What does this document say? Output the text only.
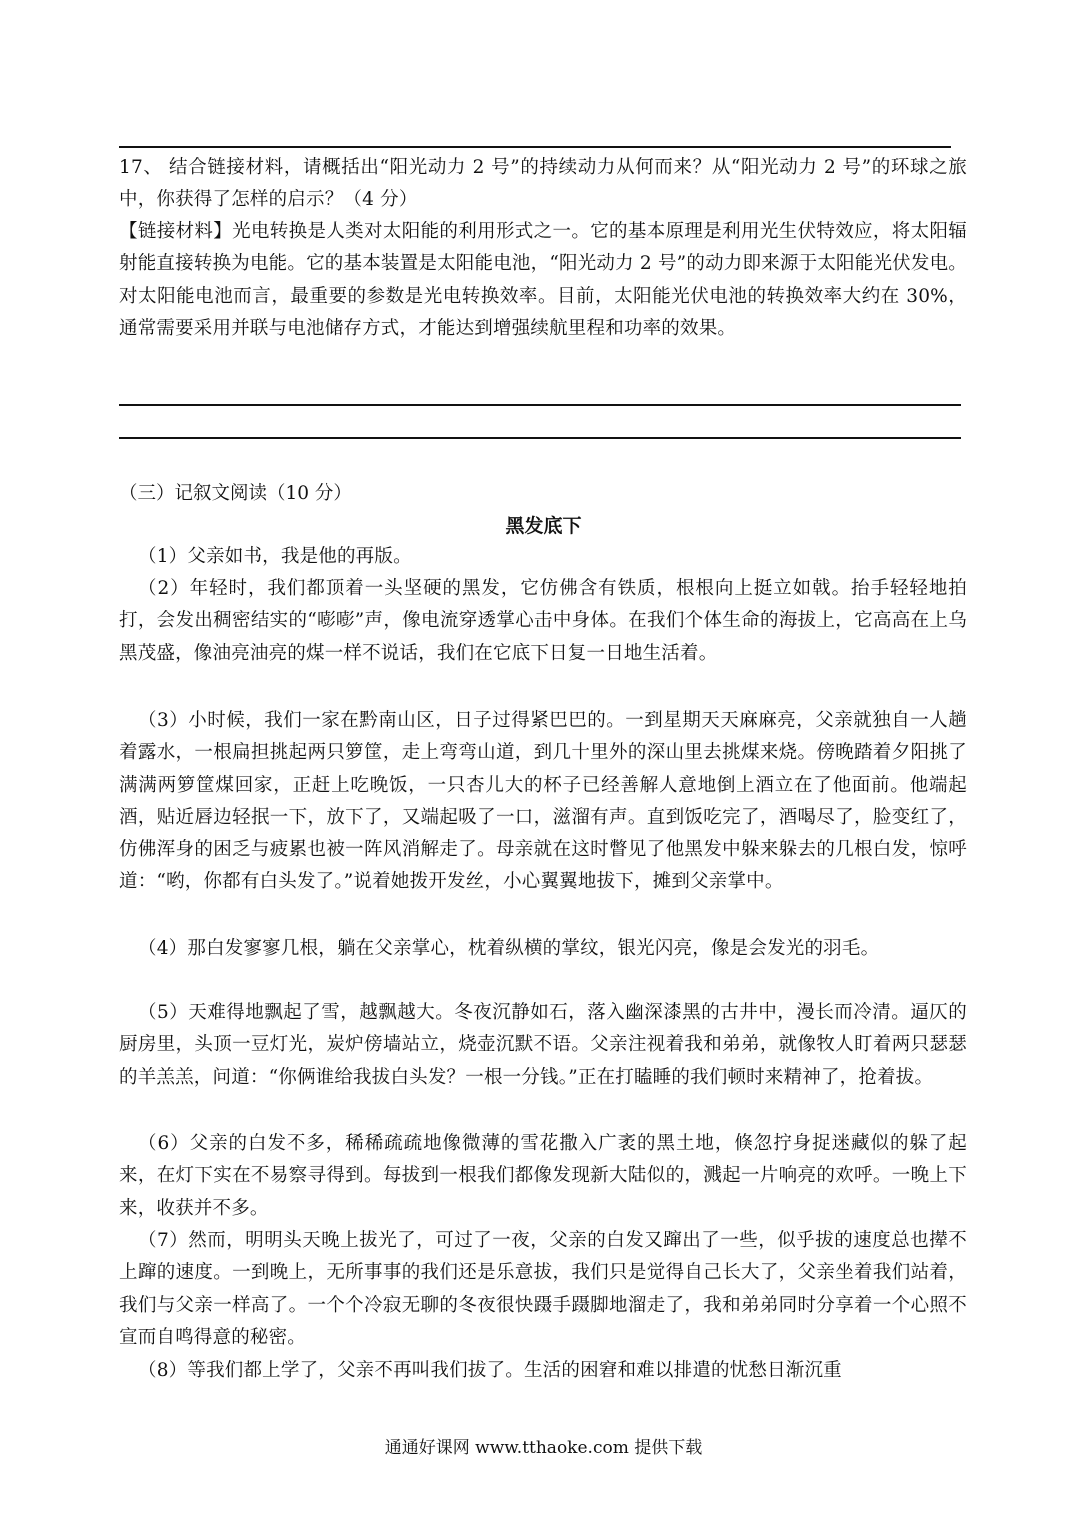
17、 结合链接材料，请概括出“阳光动力 2 号”的持续动力从何而来？从“阳光动力 2 号”的环球之旅中，你获得了怎样的启示？（4 分）

【链接材料】光电转换是人类对太阳能的利用形式之一。它的基本原理是利用光生伏特效应，将太阳辐射能直接转换为电能。它的基本装置是太阳能电池，“阳光动力 2 号”的动力即来源于太阳能光伏发电。对太阳能电池而言，最重要的参数是光电转换效率。目前，太阳能光伏电池的转换效率大约在 30%，通常需要采用并联与电池储存方式，才能达到增强续航里程和功率的效果。

（三）记叙文阅读（10 分）
黑发底下

（1）父亲如书，我是他的再版。

（2）年轻时，我们都顶着一头坚硬的黑发，它仿佛含有铁质，根根向上挺立如戟。抬手轻轻地拍打，会发出稠密结实的“嘭嘭”声，像电流穿透掌心击中身体。在我们个体生命的海拔上，它高高在上乌黑茂盛，像油亮油亮的煤一样不说话，我们在它底下日复一日地生活着。

（3）小时候，我们一家在黔南山区，日子过得紧巴巴的。一到星期天天麻麻亮，父亲就独自一人趟着露水，一根扁担挑起两只箩筐，走上弯弯山道，到几十里外的深山里去挑煤来烧。傍晚踏着夕阳挑了满满两箩筐煤回家，正赶上吃晚饭，一只杏儿大的杯子已经善解人意地倒上酒立在了他面前。他端起酒，贴近唇边轻抿一下，放下了，又端起吸了一口，滋溜有声。直到饭吃完了，酒喝尽了，脸变红了，仿佛浑身的困乏与疲累也被一阵风消解走了。母亲就在这时瞥见了他黑发中躲来躲去的几根白发，惊呼道：“哟，你都有白头发了。”说着她拨开发丝，小心翼翼地拔下，摊到父亲掌中。

（4）那白发寥寥几根，躺在父亲掌心，枕着纵横的掌纹，银光闪亮，像是会发光的羽毛。

（5）天难得地飘起了雪，越飘越大。冬夜沉静如石，落入幽深漆黑的古井中，漫长而冷清。逼仄的厨房里，头顶一豆灯光，炭炉傍墙站立，烧壶沉默不语。父亲注视着我和弟弟，就像牧人盯着两只瑟瑟的羊羔羔，问道：“你俩谁给我拔白头发？一根一分钱。”正在打瞌睡的我们顿时来精神了，抢着拔。

（6）父亲的白发不多，稀稀疏疏地像微薄的雪花撒入广袤的黑土地，倏忽拧身捉迷藏似的躲了起来，在灯下实在不易察寻得到。每拔到一根我们都像发现新大陆似的，溅起一片响亮的欢呼。一晚上下来，收获并不多。

（7）然而，明明头天晚上拔光了，可过了一夜，父亲的白发又蹿出了一些，似乎拔的速度总也撵不上蹿的速度。一到晚上，无所事事的我们还是乐意拔，我们只是觉得自己长大了，父亲坐着我们站着，我们与父亲一样高了。一个个冷寂无聊的冬夜很快蹑手蹑脚地溜走了，我和弟弟同时分享着一个心照不宣而自鸣得意的秘密。

（8）等我们都上学了，父亲不再叫我们拔了。生活的困窘和难以排遣的忧愁日渐沉重

通通好课网 www.tthaoke.com 提供下载
